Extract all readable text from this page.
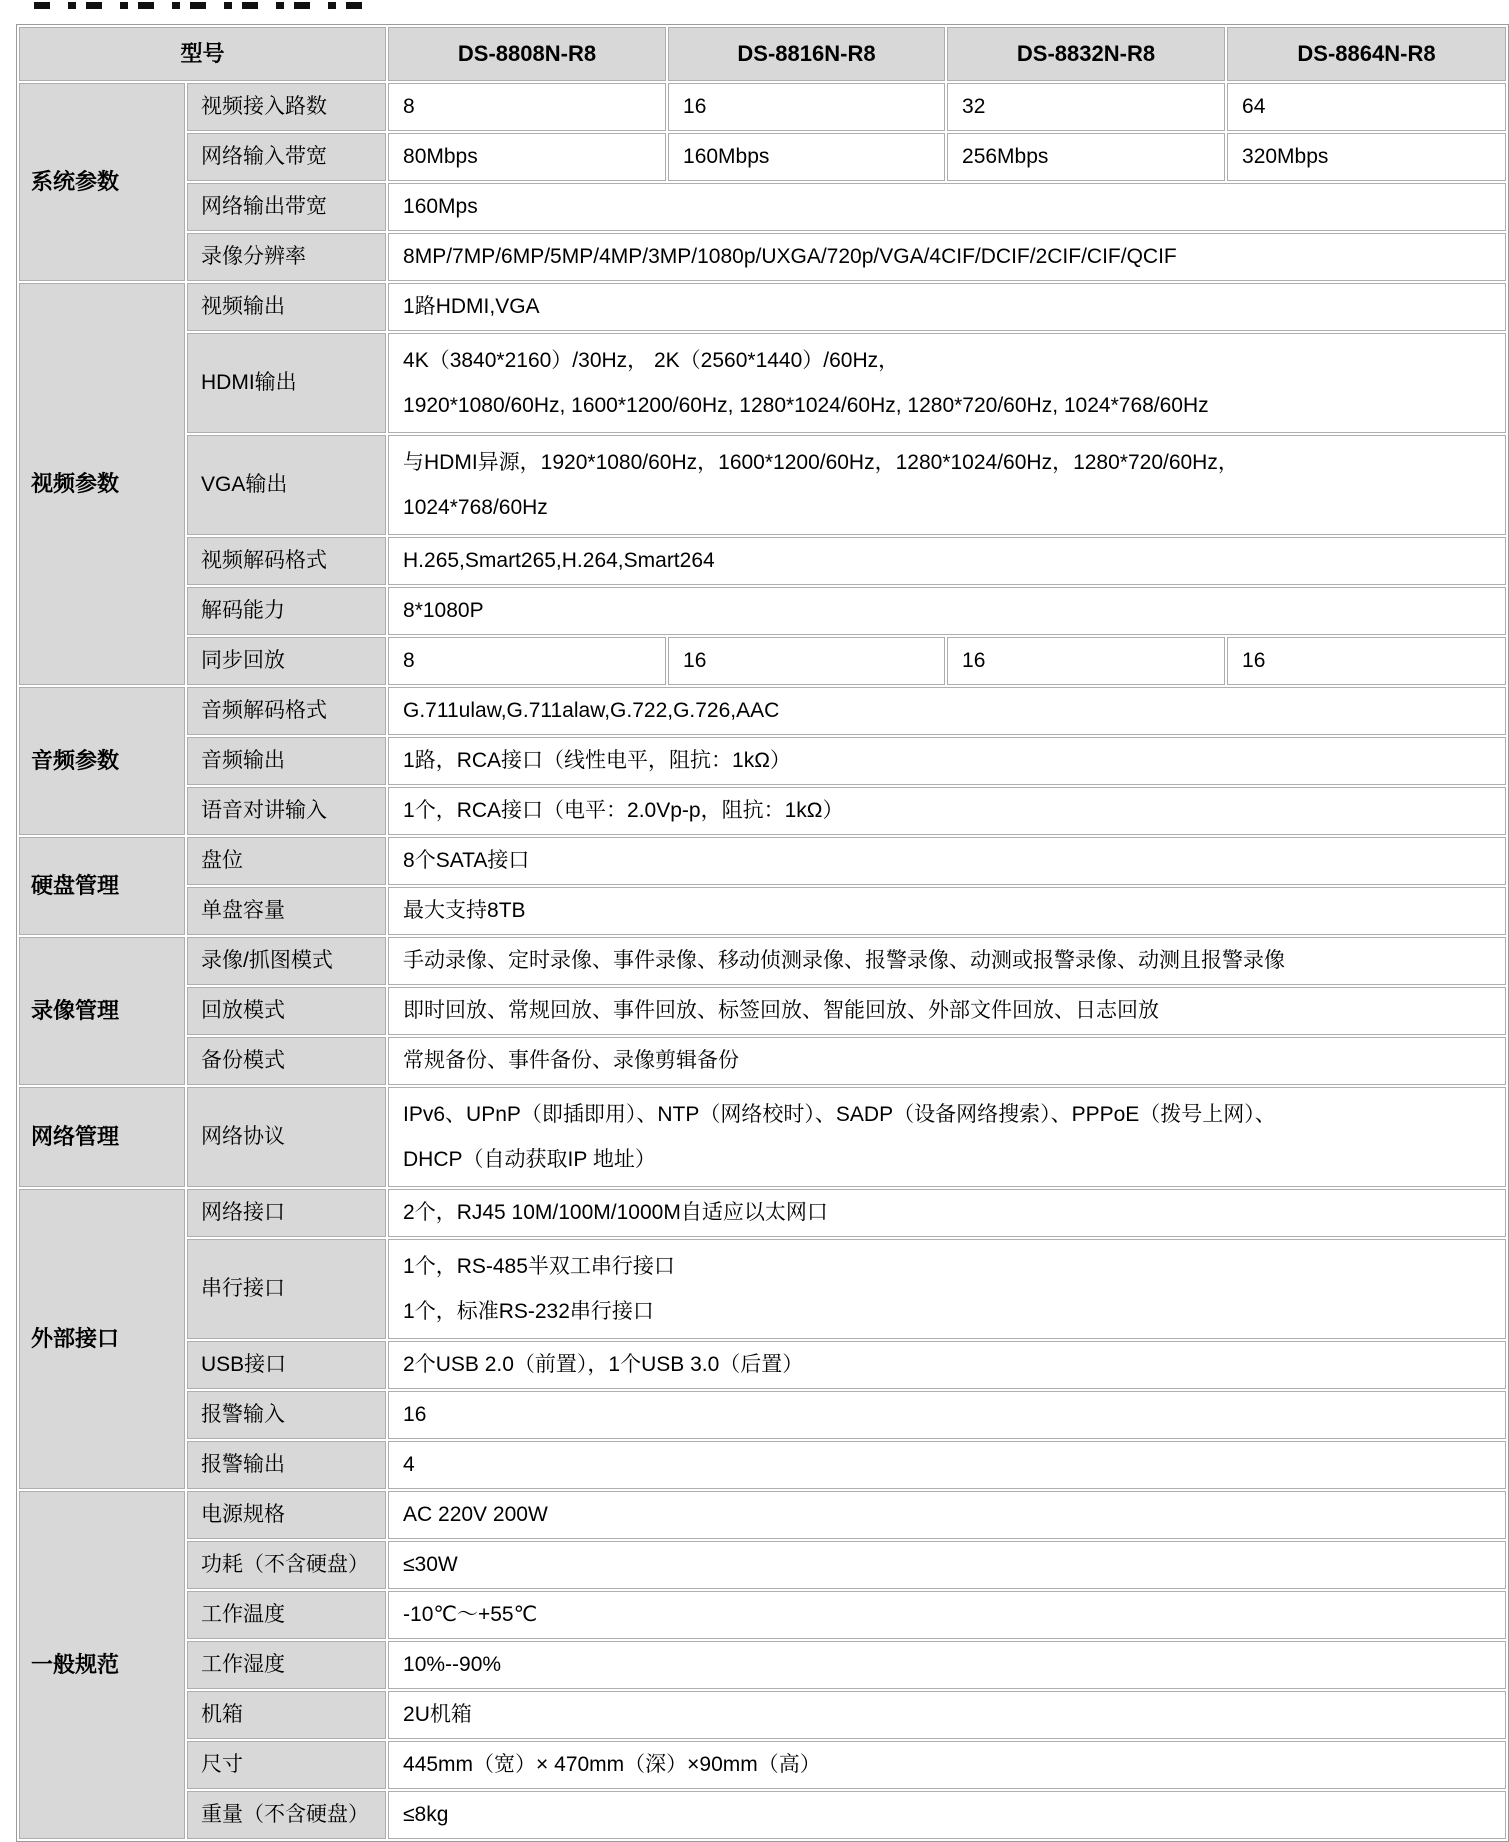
型号		DS-8808N-R8	DS-8816N-R8	DS-8832N-R8	DS-8864N-R8
系统参数	视频接入路数	8	16	32	64
	网络输入带宽	80Mbps	160Mbps	256Mbps	320Mbps
	网络输出带宽	160Mps			
	录像分辨率	8MP/7MP/6MP/5MP/4MP/3MP/1080p/UXGA/720p/VGA/4CIF/DCIF/2CIF/CIF/QCIF			
视频参数	视频输出	1路HDMI,VGA			
	HDMI输出	4K（3840*2160）/30Hz， 2K（2560*1440）/60Hz，
1920*1080/60Hz, 1600*1200/60Hz, 1280*1024/60Hz, 1280*720/60Hz, 1024*768/60Hz			

	VGA输出	与HDMI异源，1920*1080/60Hz，1600*1200/60Hz，1280*1024/60Hz，1280*720/60Hz，
1024*768/60Hz			

	视频解码格式	H.265,Smart265,H.264,Smart264			
	解码能力	8*1080P			
	同步回放	8	16	16	16
音频参数	音频解码格式	G.711ulaw,G.711alaw,G.722,G.726,AAC			
	音频输出	1路，RCA接口（线性电平，阻抗：1kΩ）			
	语音对讲输入	1个，RCA接口（电平：2.0Vp-p，阻抗：1kΩ）			
硬盘管理	盘位	8个SATA接口			
	单盘容量	最大支持8TB			
录像管理	录像/抓图模式	手动录像、定时录像、事件录像、移动侦测录像、报警录像、动测或报警录像、动测且报警录像			
	回放模式	即时回放、常规回放、事件回放、标签回放、智能回放、外部文件回放、日志回放			
	备份模式	常规备份、事件备份、录像剪辑备份			
网络管理	网络协议	IPv6、UPnP（即插即用）、NTP（网络校时）、SADP（设备网络搜索）、PPPoE（拨号上网）、
DHCP（自动获取IP 地址）			

外部接口	网络接口	2个，RJ45 10M/100M/1000M自适应以太网口			
	串行接口	1个，RS-485半双工串行接口
1个，标准RS-232串行接口			

	USB接口	2个USB 2.0（前置），1个USB 3.0（后置）			
	报警输入	16			
	报警输出	4			
一般规范	电源规格	AC 220V 200W			
	功耗（不含硬盘）	≤30W			
	工作温度	-10℃～+55℃			
	工作湿度	10%--90%			
	机箱	2U机箱			
	尺寸	445mm（宽）× 470mm（深）×90mm（高）			
	重量（不含硬盘）	≤8kg			
